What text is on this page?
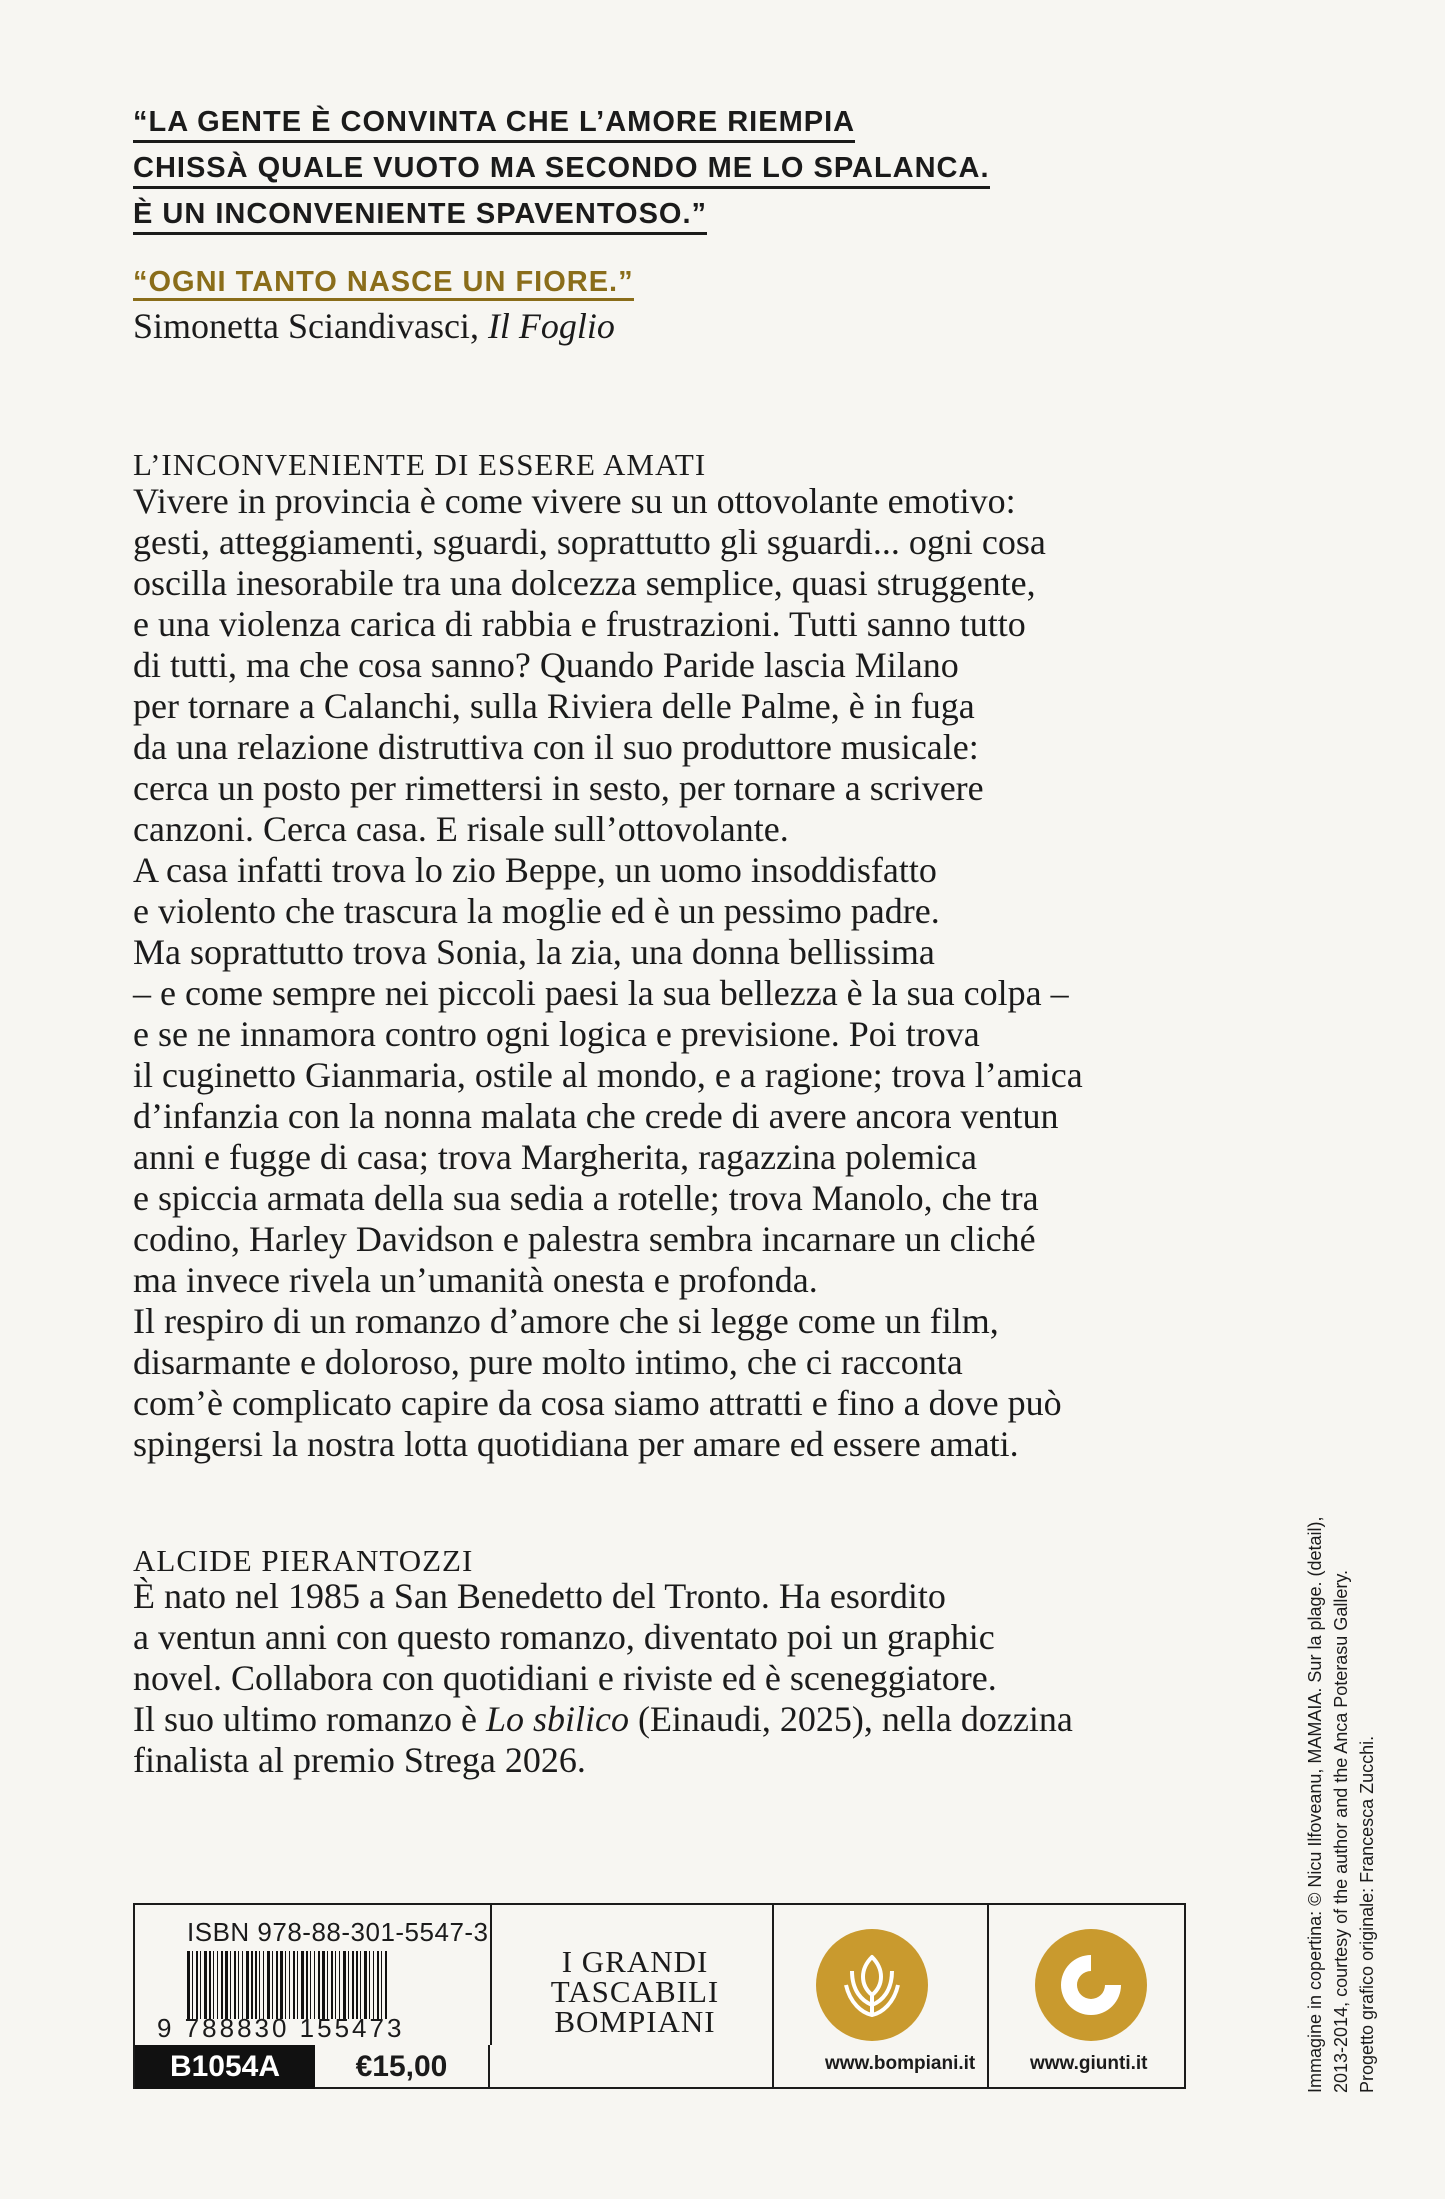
“LA GENTE È CONVINTA CHE L’AMORE RIEMPIA
CHISSÀ QUALE VUOTO MA SECONDO ME LO SPALANCA.
È UN INCONVENIENTE SPAVENTOSO.”

“OGNI TANTO NASCE UN FIORE.”

Simonetta Sciandivasci, Il Foglio

L’INCONVENIENTE DI ESSERE AMATI
Vivere in provincia è come vivere su un ottovolante emotivo:
gesti, atteggiamenti, sguardi, soprattutto gli sguardi... ogni cosa
oscilla inesorabile tra una dolcezza semplice, quasi struggente,
e una violenza carica di rabbia e frustrazioni. Tutti sanno tutto
di tutti, ma che cosa sanno? Quando Paride lascia Milano
per tornare a Calanchi, sulla Riviera delle Palme, è in fuga
da una relazione distruttiva con il suo produttore musicale:
cerca un posto per rimettersi in sesto, per tornare a scrivere
canzoni. Cerca casa. E risale sull’ottovolante.
A casa infatti trova lo zio Beppe, un uomo insoddisfatto
e violento che trascura la moglie ed è un pessimo padre.
Ma soprattutto trova Sonia, la zia, una donna bellissima
– e come sempre nei piccoli paesi la sua bellezza è la sua colpa –
e se ne innamora contro ogni logica e previsione. Poi trova
il cuginetto Gianmaria, ostile al mondo, e a ragione; trova l’amica
d’infanzia con la nonna malata che crede di avere ancora ventun
anni e fugge di casa; trova Margherita, ragazzina polemica
e spiccia armata della sua sedia a rotelle; trova Manolo, che tra
codino, Harley Davidson e palestra sembra incarnare un cliché
ma invece rivela un’umanità onesta e profonda.
Il respiro di un romanzo d’amore che si legge come un film,
disarmante e doloroso, pure molto intimo, che ci racconta
com’è complicato capire da cosa siamo attratti e fino a dove può
spingersi la nostra lotta quotidiana per amare ed essere amati.
ALCIDE PIERANTOZZI
È nato nel 1985 a San Benedetto del Tronto. Ha esordito
a ventun anni con questo romanzo, diventato poi un graphic
novel. Collabora con quotidiani e riviste ed è sceneggiatore.
Il suo ultimo romanzo è Lo sbilico (Einaudi, 2025), nella dozzina
finalista al premio Strega 2026.	Immagine in copertina: © Nicu Ilfoveanu, MAMAIA. Sur la plage. (detail), 2013-2014, courtesy of the author and the Anca Poterasu Gallery. Progetto grafico originale: Francesca Zucchi.
ISBN 978-88-301-5547-3
9 788830 155473
B1054A	€15,00
I GRANDI
TASCABILI
BOMPIANI
www.bompiani.it	www.giunti.it
